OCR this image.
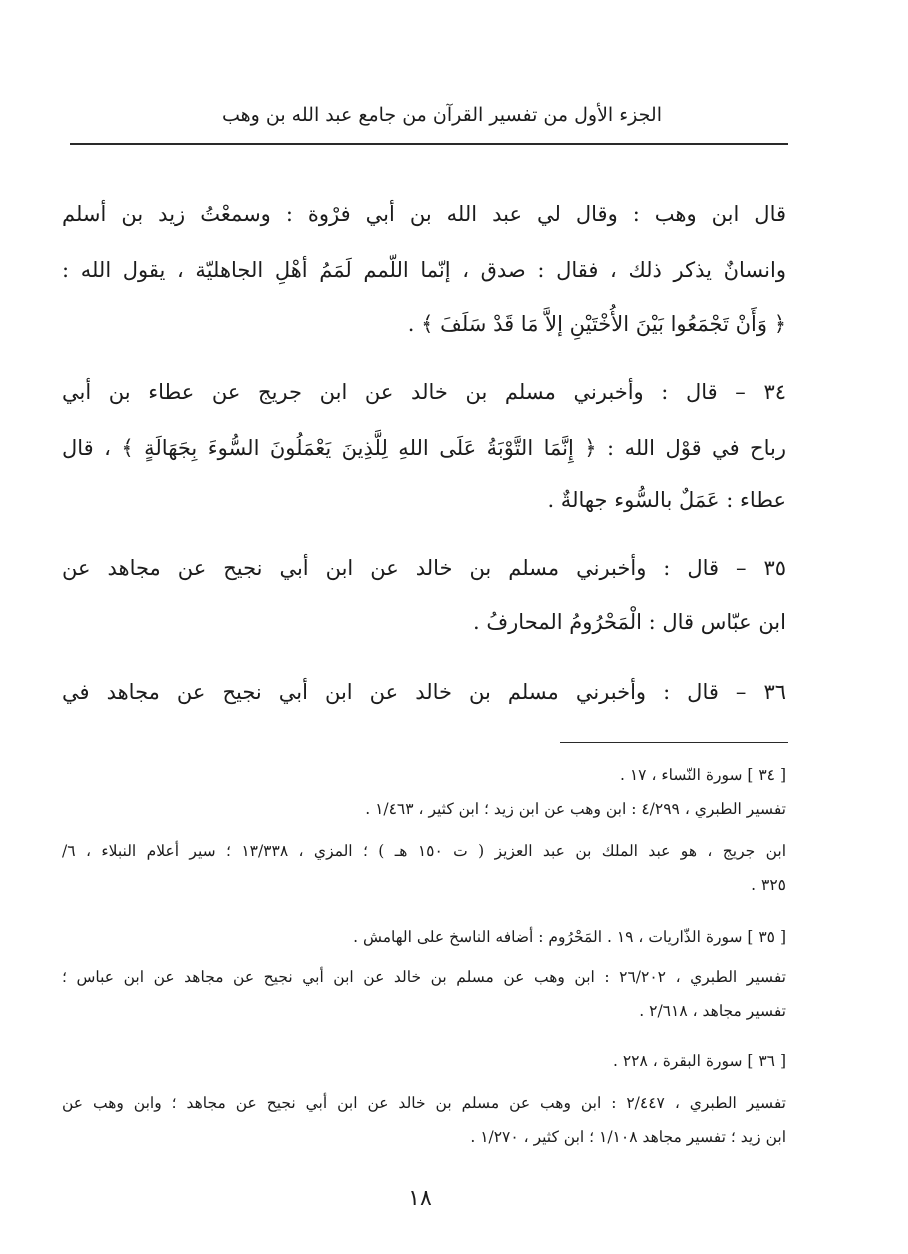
الجزء الأول من تفسير القرآن من جامع عبد الله بن وهب
قال ابن وهب : وقال لي عبد الله بن أبي فرْوة : وسمعْتُ زيد بن أسلم
وانسانٌ يذكر ذلك ، فقال : صدق ، إنّما اللّمم لَمَمُ أهْلِ الجاهليّة ، يقول الله :
﴿ وَأَنْ تَجْمَعُوا بَيْنَ الأُخْتَيْنِ إلاَّ مَا قَدْ سَلَفَ ﴾ .
٣٤ – قال : وأخبرني مسلم بن خالد عن ابن جريج عن عطاء بن أبي
رباح في قوْل الله : ﴿ إِنَّمَا التَّوْبَةُ عَلَى اللهِ لِلَّذِينَ يَعْمَلُونَ السُّوءَ بِجَهَالَةٍ ﴾ ، قال
عطاء : عَمَلٌ بالسُّوء جهالةٌ .
٣٥ – قال : وأخبرني مسلم بن خالد عن ابن أبي نجيح عن مجاهد عن
ابن عبّاس قال : الْمَحْرُومُ المحارفُ .
٣٦ – قال : وأخبرني مسلم بن خالد عن ابن أبي نجيح عن مجاهد في
[ ٣٤ ] سورة النّساء ، ١٧ .
تفسير الطبري ، ٤/٢٩٩ : ابن وهب عن ابن زيد ؛ ابن كثير ، ١/٤٦٣ .
ابن جريج ، هو عبد الملك بن عبد العزيز ( ت ١٥٠ هـ ) ؛ المزي ، ١٣/٣٣٨ ؛ سير أعلام النبلاء ، ٦/
٣٢٥ .
[ ٣٥ ] سورة الذّاريات ، ١٩ . المَحْرُوم : أضافه الناسخ على الهامش .
تفسير الطبري ، ٢٦/٢٠٢ : ابن وهب عن مسلم بن خالد عن ابن أبي نجيح عن مجاهد عن ابن عباس ؛
تفسير مجاهد ، ٢/٦١٨ .
[ ٣٦ ] سورة البقرة ، ٢٢٨ .
تفسير الطبري ، ٢/٤٤٧ : ابن وهب عن مسلم بن خالد عن ابن أبي نجيح عن مجاهد ؛ وابن وهب عن
ابن زيد ؛ تفسير مجاهد ١/١٠٨ ؛ ابن كثير ، ١/٢٧٠ .
١٨
